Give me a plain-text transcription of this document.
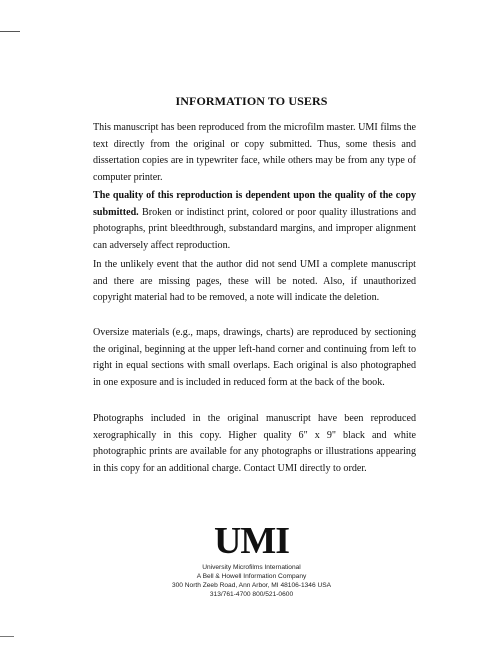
INFORMATION TO USERS

This manuscript has been reproduced from the microfilm master. UMI films the text directly from the original or copy submitted. Thus, some thesis and dissertation copies are in typewriter face, while others may be from any type of computer printer.

The quality of this reproduction is dependent upon the quality of the copy submitted. Broken or indistinct print, colored or poor quality illustrations and photographs, print bleedthrough, substandard margins, and improper alignment can adversely affect reproduction.

In the unlikely event that the author did not send UMI a complete manuscript and there are missing pages, these will be noted. Also, if unauthorized copyright material had to be removed, a note will indicate the deletion.

Oversize materials (e.g., maps, drawings, charts) are reproduced by sectioning the original, beginning at the upper left-hand corner and continuing from left to right in equal sections with small overlaps. Each original is also photographed in one exposure and is included in reduced form at the back of the book.

Photographs included in the original manuscript have been reproduced xerographically in this copy. Higher quality 6" x 9" black and white photographic prints are available for any photographs or illustrations appearing in this copy for an additional charge. Contact UMI directly to order.

UMI
University Microfilms International
A Bell & Howell Information Company
300 North Zeeb Road, Ann Arbor, MI 48106-1346 USA
313/761-4700 800/521-0600
